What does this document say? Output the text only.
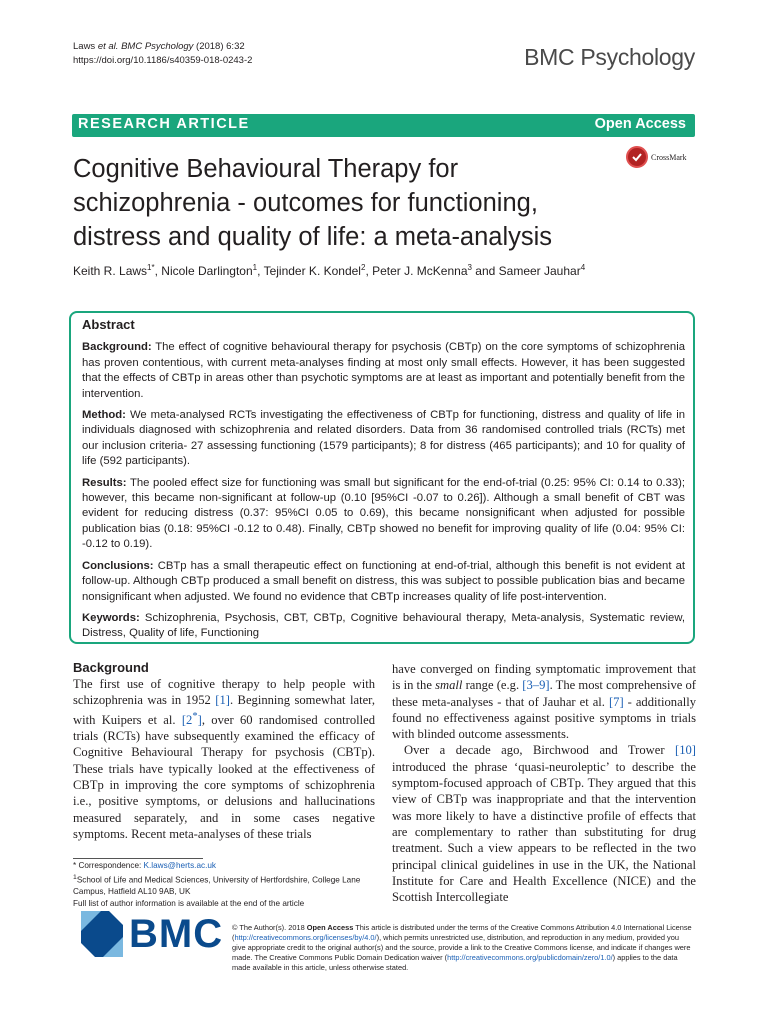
Laws et al. BMC Psychology (2018) 6:32
https://doi.org/10.1186/s40359-018-0243-2	BMC Psychology
RESEARCH ARTICLE	Open Access
Cognitive Behavioural Therapy for schizophrenia - outcomes for functioning, distress and quality of life: a meta-analysis
CrossMark
Keith R. Laws$^{1*}$, Nicole Darlington$^1$, Tejinder K. Kondel$^2$, Peter J. McKenna$^3$ and Sameer Jauhar$^4$
Abstract

Background: The effect of cognitive behavioural therapy for psychosis (CBTp) on the core symptoms of schizophrenia has proven contentious, with current meta-analyses finding at most only small effects. However, it has been suggested that the effects of CBTp in areas other than psychotic symptoms are at least as important and potentially benefit from the intervention.

Method: We meta-analysed RCTs investigating the effectiveness of CBTp for functioning, distress and quality of life in individuals diagnosed with schizophrenia and related disorders. Data from 36 randomised controlled trials (RCTs) met our inclusion criteria- 27 assessing functioning (1579 participants); 8 for distress (465 participants); and 10 for quality of life (592 participants).

Results: The pooled effect size for functioning was small but significant for the end-of-trial (0.25: 95% CI: 0.14 to 0.33); however, this became non-significant at follow-up (0.10 [95%CI -0.07 to 0.26]). Although a small benefit of CBT was evident for reducing distress (0.37: 95%CI 0.05 to 0.69), this became nonsignificant when adjusted for possible publication bias (0.18: 95%CI -0.12 to 0.48). Finally, CBTp showed no benefit for improving quality of life (0.04: 95% CI: -0.12 to 0.19).

Conclusions: CBTp has a small therapeutic effect on functioning at end-of-trial, although this benefit is not evident at follow-up. Although CBTp produced a small benefit on distress, this was subject to possible publication bias and became nonsignificant when adjusted. We found no evidence that CBTp increases quality of life post-intervention.

Keywords: Schizophrenia, Psychosis, CBT, CBTp, Cognitive behavioural therapy, Meta-analysis, Systematic review, Distress, Quality of life, Functioning

Background

The first use of cognitive therapy to help people with schizophrenia was in 1952 [1]. Beginning somewhat later, with Kuipers et al. [2*], over 60 randomised controlled trials (RCTs) have subsequently examined the efficacy of Cognitive Behavioural Therapy for psychosis (CBTp). These trials have typically looked at the effectiveness of CBTp in improving the core symptoms of schizophrenia i.e., positive symptoms, or delusions and hallucinations measured separately, and in some cases negative symptoms. Recent meta-analyses of these trials

have converged on finding symptomatic improvement that is in the small range (e.g. [3–9]. The most comprehensive of these meta-analyses - that of Jauhar et al. [7] - additionally found no effectiveness against positive symptoms in trials with blinded outcome assessments.

Over a decade ago, Birchwood and Trower [10] introduced the phrase ‘quasi-neuroleptic’ to describe the symptom-focused approach of CBTp. They argued that this view of CBTp was inappropriate and that the intervention was more likely to have a distinctive profile of effects that are complementary to rather than substituting for drug treatment. Such a view appears to be reflected in the two principal clinical guidelines in use in the UK, the National Institute for Care and Health Excellence (NICE) and the Scottish Intercollegiate

* Correspondence: K.laws@herts.ac.uk

$^1$School of Life and Medical Sciences, University of Hertfordshire, College Lane Campus, Hatfield AL10 9AB, UK

Full list of author information is available at the end of the article

BMC © The Author(s). 2018 Open Access This article is distributed under the terms of the Creative Commons Attribution 4.0 International License (http://creativecommons.org/licenses/by/4.0/), which permits unrestricted use, distribution, and reproduction in any medium, provided you give appropriate credit to the original author(s) and the source, provide a link to the Creative Commons license, and indicate if changes were made. The Creative Commons Public Domain Dedication waiver (http://creativecommons.org/publicdomain/zero/1.0/) applies to the data made available in this article, unless otherwise stated.
